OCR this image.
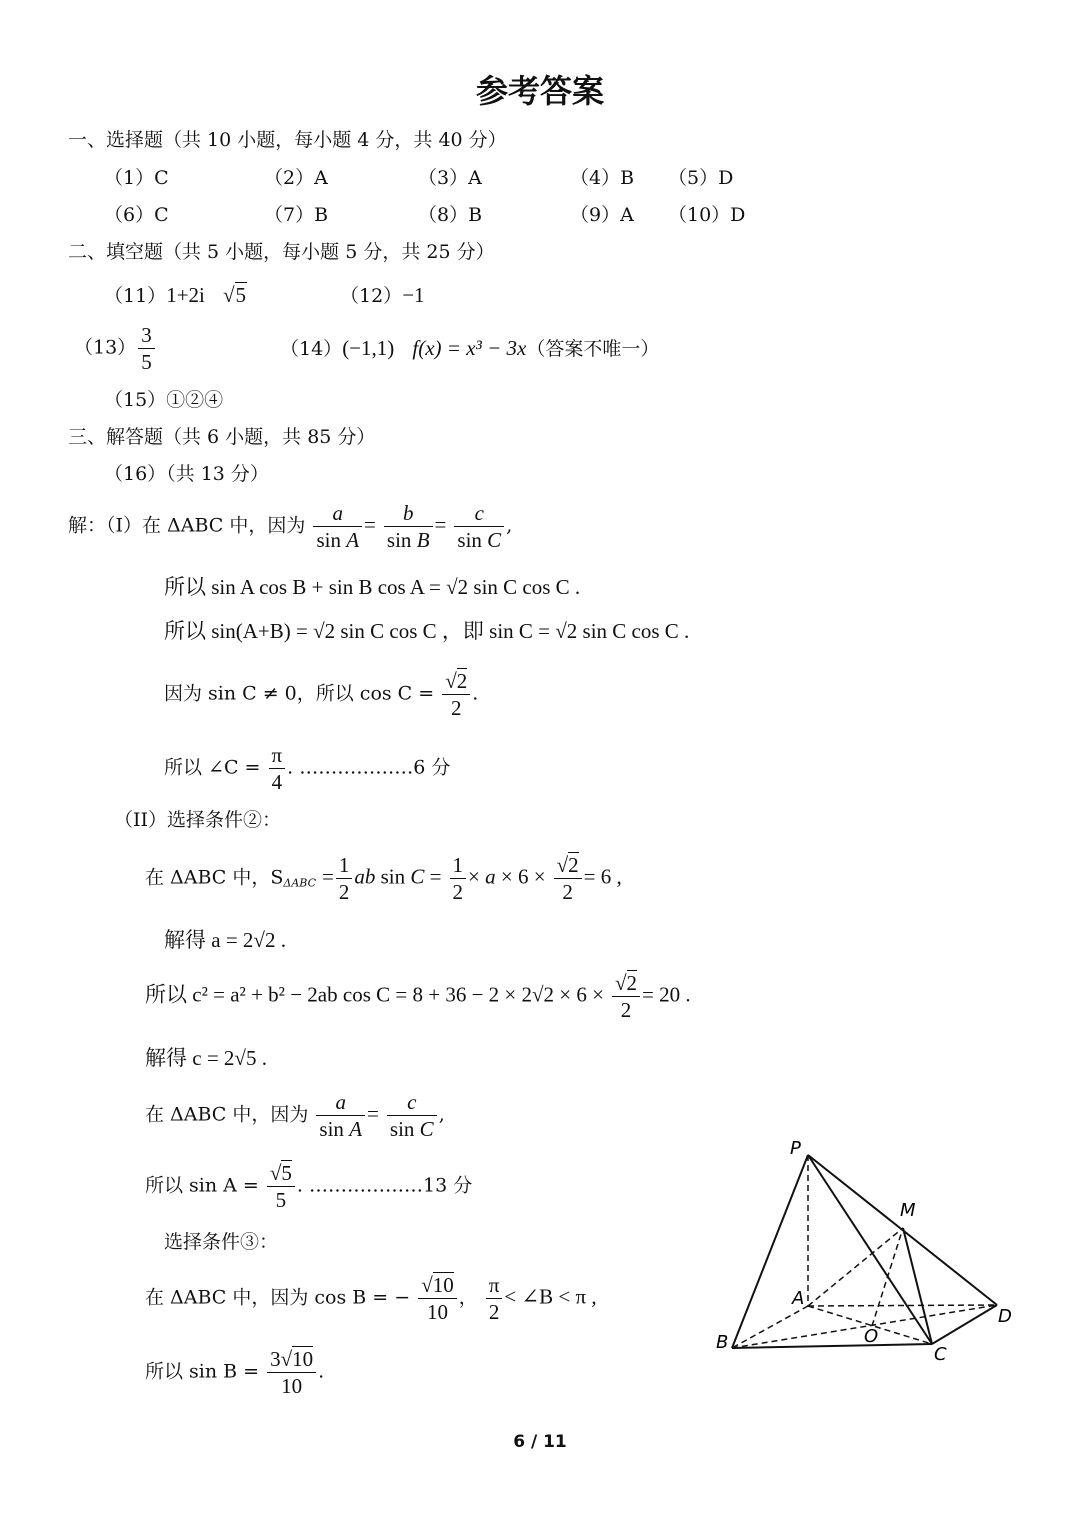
参考答案
一、选择题（共 10 小题，每小题 4 分，共 40 分）
（1）C	（2）A	（3）A	（4）B （5）D
（6）C	（7）B	（8）B	（9）A （10）D
二、填空题（共 5 小题，每小题 5 分，共 25 分）
（11）1+2i √5	（12）−1
$(13) \frac{3}{5}$	（14）(−1,1) f(x) = x³ − 3x（答案不唯一）
（15）①②④
三、解答题（共 6 小题，共 85 分）
（16）（共 13 分）
解：（I）在 ΔABC 中，因为 $\frac{a}{\text{sin A}} = \frac{b}{\text{sin B}} = \frac{c}{\text{sin C}}$ ,
所以 sin A cos B + sin B cos A = √2 sin C cos C .
所以 sin(A+B) = √2 sin C cos C ，即 sin C = √2 sin C cos C .
因为 sin C ≠ 0，所以 $\cos C = \frac{√2}{2}$ .
所以 ∠C = $\frac{\pi}{4}$ . ………………6 分
（II）选择条件②：
在 ΔABC 中，$S_{\Delta ABC} = \frac{1}{2}$ ab $\sin C = \frac{1}{2} \times a \times 6 \times \frac{√2}{2} = 6$ ,
解得 a = 2√2 .
所以 c² = a² + b² − 2ab $\cos C = 8 + 36 - 2 \times 2√2 \times 6 \times \frac{√2}{2} = 20$ .
解得 c = 2√5 .
在 ΔABC 中，因为 $\frac{a}{\text{sin A}} = \frac{c}{\text{sin C}}$ ,
所以 $\sin A = \frac{√5}{5}$ . ………………13 分
选择条件③：
在 ΔABC 中，因为 cos B = − $\frac{√10}{10}$ ， $\frac{\pi}{2}$ < ∠B < π ,
所以 $\sin B = \frac{3√10}{10}$ .
P
M
A
D
O
B
C
6 / 11
